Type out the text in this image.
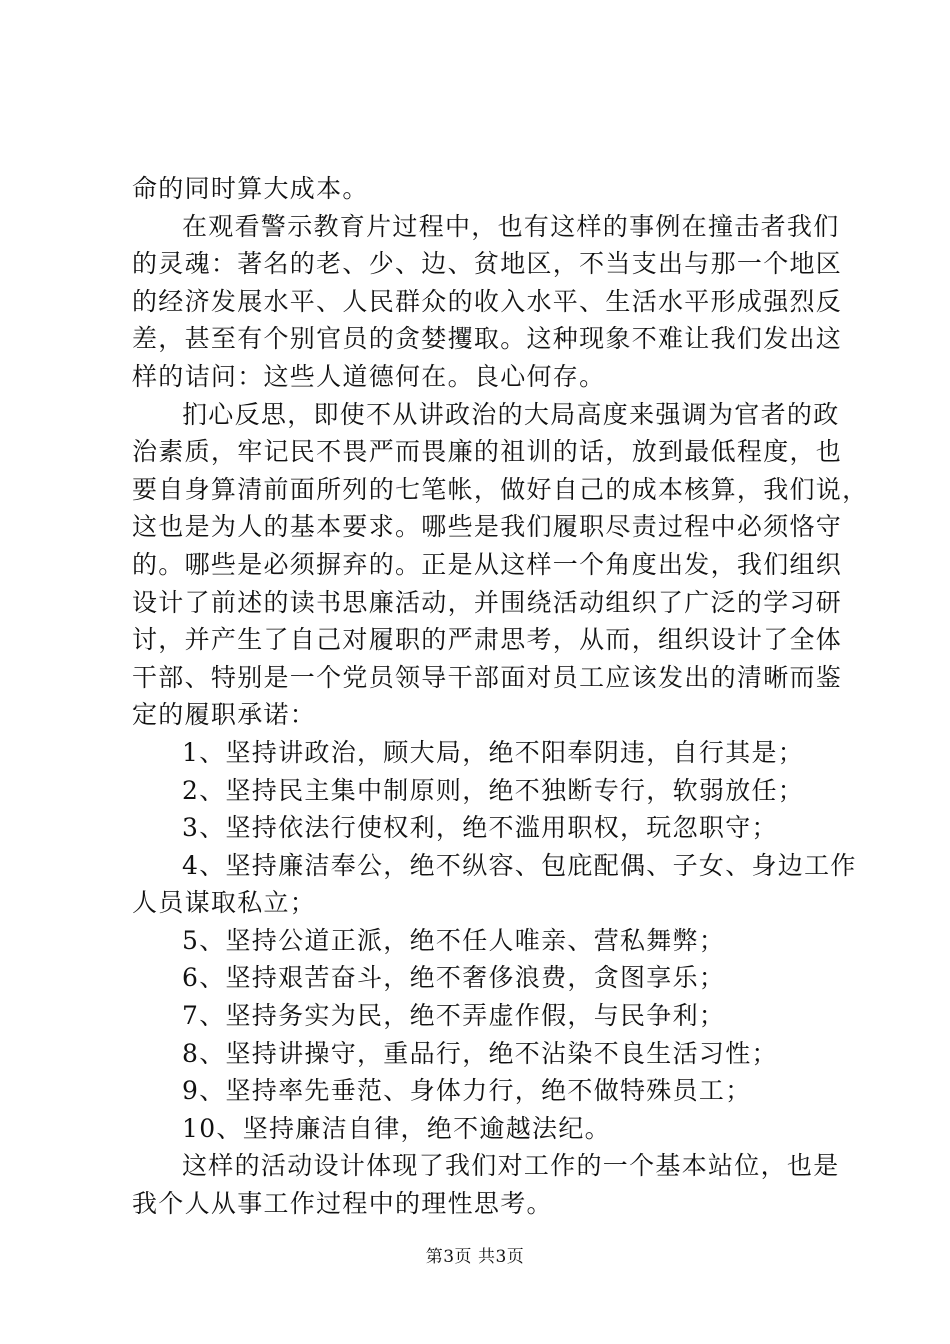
命的同时算大成本。

在观看警示教育片过程中，也有这样的事例在撞击者我们

的灵魂：著名的老、少、边、贫地区，不当支出与那一个地区

的经济发展水平、人民群众的收入水平、生活水平形成强烈反

差，甚至有个别官员的贪婪攫取。这种现象不难让我们发出这

样的诘问：这些人道德何在。良心何存。

扪心反思，即使不从讲政治的大局高度来强调为官者的政

治素质，牢记民不畏严而畏廉的祖训的话，放到最低程度，也

要自身算清前面所列的七笔帐，做好自己的成本核算，我们说，

这也是为人的基本要求。哪些是我们履职尽责过程中必须恪守

的。哪些是必须摒弃的。正是从这样一个角度出发，我们组织

设计了前述的读书思廉活动，并围绕活动组织了广泛的学习研

讨，并产生了自己对履职的严肃思考，从而，组织设计了全体

干部、特别是一个党员领导干部面对员工应该发出的清晰而鉴

定的履职承诺：

1、坚持讲政治，顾大局，绝不阳奉阴违，自行其是；

2、坚持民主集中制原则，绝不独断专行，软弱放任；

3、坚持依法行使权利，绝不滥用职权，玩忽职守；

4、坚持廉洁奉公，绝不纵容、包庇配偶、子女、身边工作

人员谋取私立；

5、坚持公道正派，绝不任人唯亲、营私舞弊；

6、坚持艰苦奋斗，绝不奢侈浪费，贪图享乐；

7、坚持务实为民，绝不弄虚作假，与民争利；

8、坚持讲操守，重品行，绝不沾染不良生活习性；

9、坚持率先垂范、身体力行，绝不做特殊员工；

10、坚持廉洁自律，绝不逾越法纪。

这样的活动设计体现了我们对工作的一个基本站位，也是

我个人从事工作过程中的理性思考。

第3页 共3页
